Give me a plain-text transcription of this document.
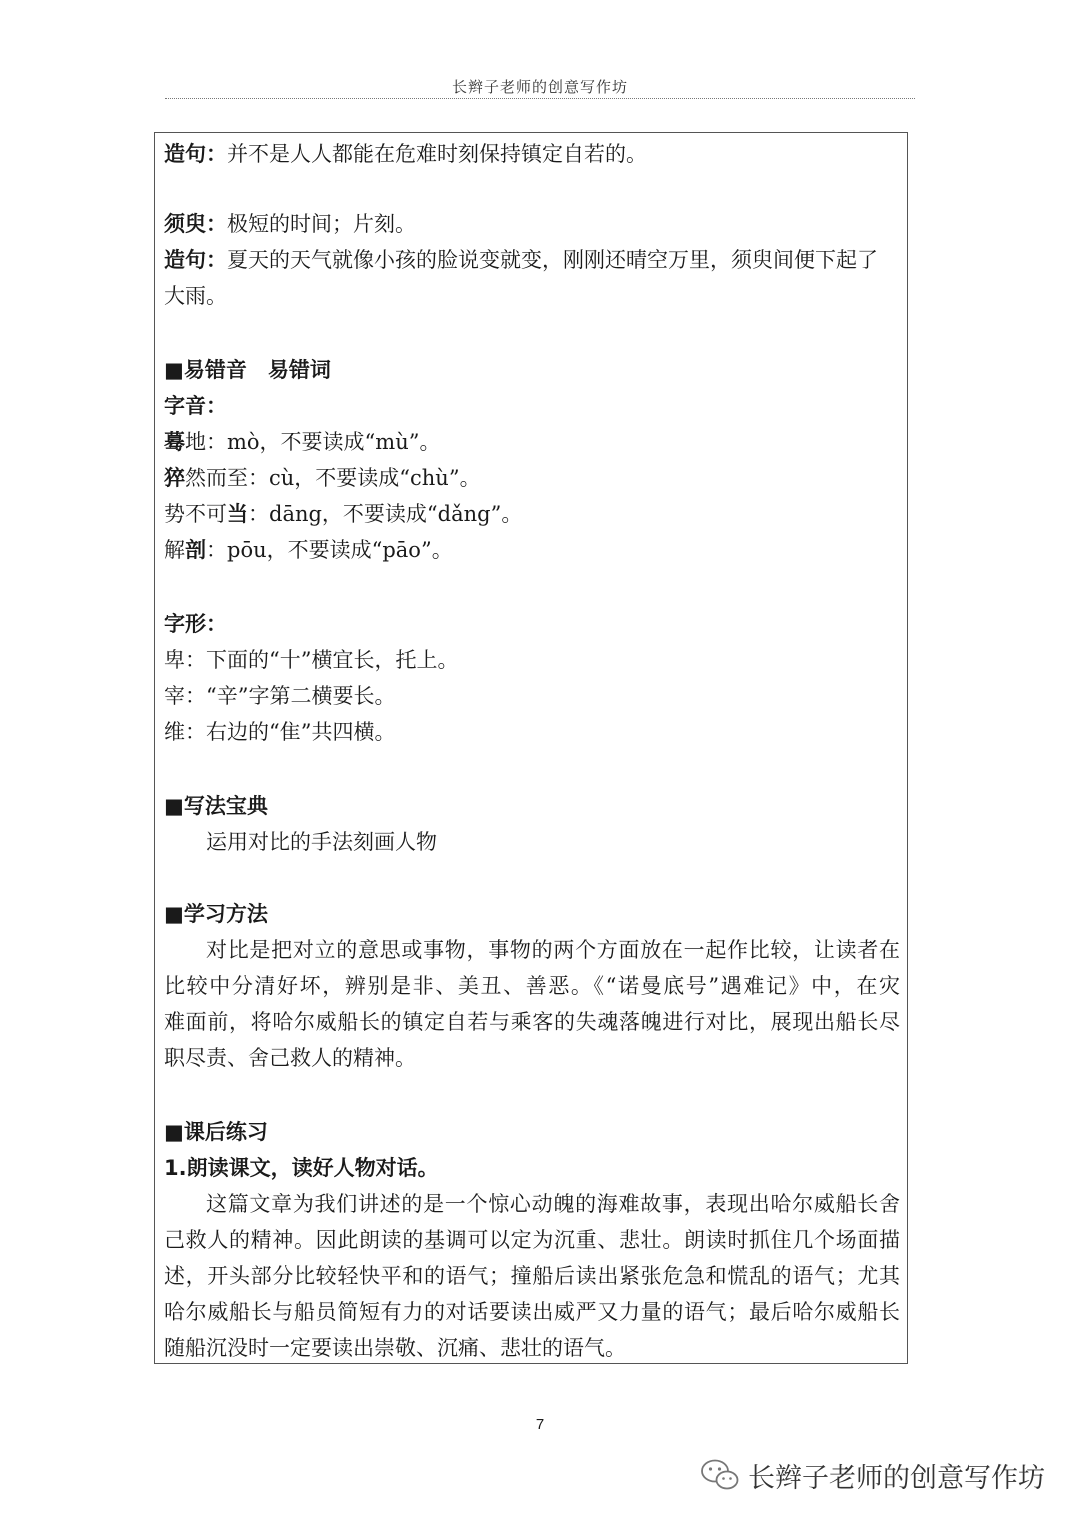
长辫子老师的创意写作坊
造句：并不是人人都能在危难时刻保持镇定自若的。
须臾：极短的时间；片刻。
造句：夏天的天气就像小孩的脸说变就变，刚刚还晴空万里，须臾间便下起了
大雨。
■易错音　易错词
字音：
蓦地：mò，不要读成“mù”。
猝然而至：cù，不要读成“chù”。
势不可当：dāng，不要读成“dǎng”。
解剖：pōu，不要读成“pāo”。
字形：
卑：下面的“十”横宜长，托上。
宰：“辛”字第二横要长。
维：右边的“隹”共四横。
■写法宝典
运用对比的手法刻画人物
■学习方法
对比是把对立的意思或事物，事物的两个方面放在一起作比较，让读者在
比较中分清好坏，辨别是非、美丑、善恶。《“诺曼底号”遇难记》中，在灾
难面前，将哈尔威船长的镇定自若与乘客的失魂落魄进行对比，展现出船长尽
职尽责、舍己救人的精神。
■课后练习
1.朗读课文，读好人物对话。
这篇文章为我们讲述的是一个惊心动魄的海难故事，表现出哈尔威船长舍
己救人的精神。因此朗读的基调可以定为沉重、悲壮。朗读时抓住几个场面描
述，开头部分比较轻快平和的语气；撞船后读出紧张危急和慌乱的语气；尤其
哈尔威船长与船员简短有力的对话要读出威严又力量的语气；最后哈尔威船长
随船沉没时一定要读出崇敬、沉痛、悲壮的语气。
7
长辫子老师的创意写作坊
